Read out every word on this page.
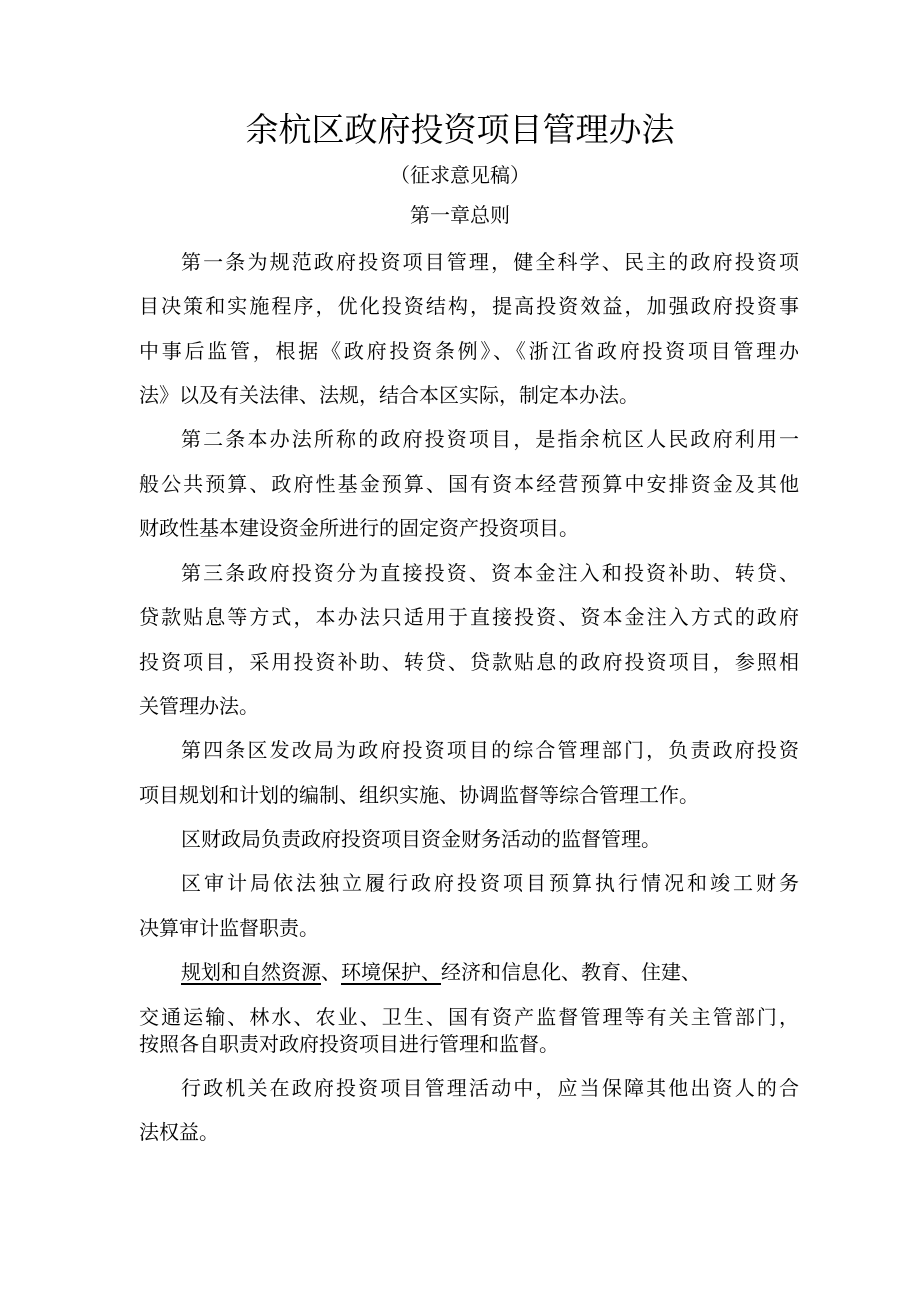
余杭区政府投资项目管理办法
（征求意见稿）
第一章总则
第一条为规范政府投资项目管理，健全科学、民主的政府投资项
目决策和实施程序，优化投资结构，提高投资效益，加强政府投资事
中事后监管，根据《政府投资条例》、《浙江省政府投资项目管理办
法》以及有关法律、法规，结合本区实际，制定本办法。
第二条本办法所称的政府投资项目，是指余杭区人民政府利用一
般公共预算、政府性基金预算、国有资本经营预算中安排资金及其他
财政性基本建设资金所进行的固定资产投资项目。
第三条政府投资分为直接投资、资本金注入和投资补助、转贷、
贷款贴息等方式，本办法只适用于直接投资、资本金注入方式的政府
投资项目，采用投资补助、转贷、贷款贴息的政府投资项目，参照相
关管理办法。
第四条区发改局为政府投资项目的综合管理部门，负责政府投资
项目规划和计划的编制、组织实施、协调监督等综合管理工作。
区财政局负责政府投资项目资金财务活动的监督管理。
区审计局依法独立履行政府投资项目预算执行情况和竣工财务
决算审计监督职责。
规划和自然资源、环境保护、经济和信息化、教育、住建、
交通运输、林水、农业、卫生、国有资产监督管理等有关主管部门，
按照各自职责对政府投资项目进行管理和监督。
行政机关在政府投资项目管理活动中，应当保障其他出资人的合
法权益。
